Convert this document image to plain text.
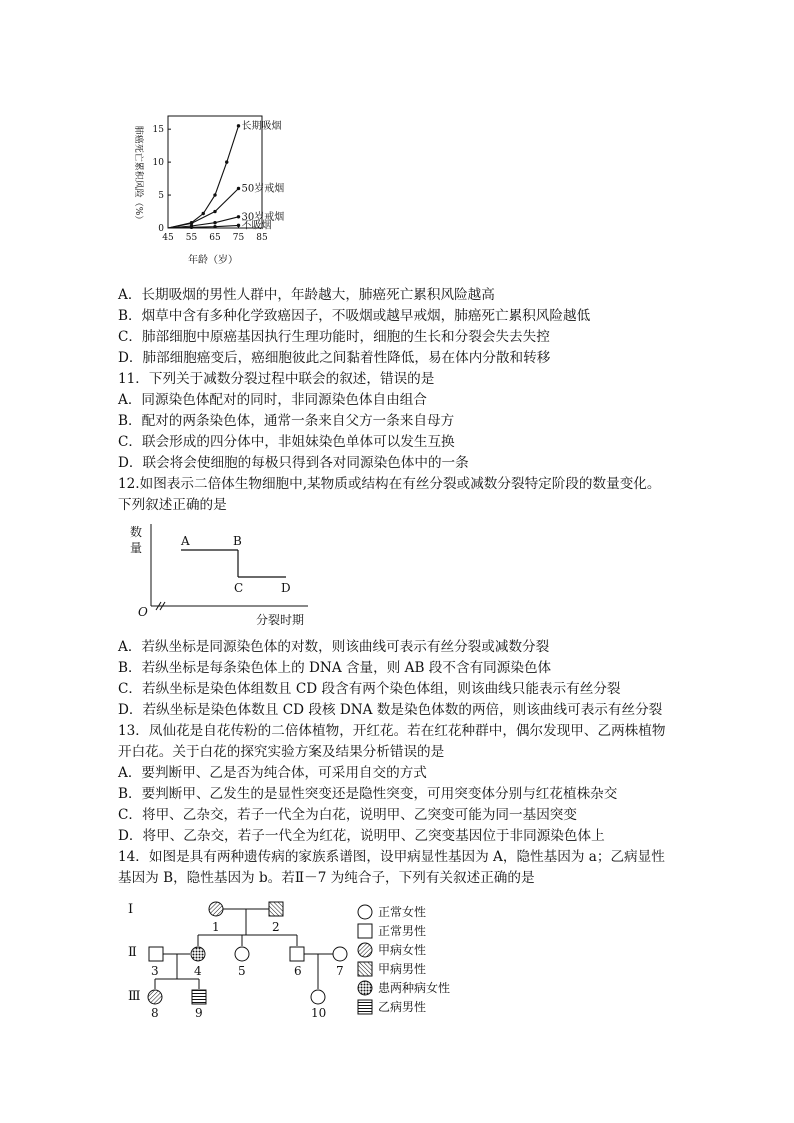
肺癌死亡累积风险（%）
0
5
10
15
45 55 65 75 85
长期吸烟
50岁戒烟
30岁戒烟
不吸烟
年龄（岁）
A．长期吸烟的男性人群中，年龄越大，肺癌死亡累积风险越高
B．烟草中含有多种化学致癌因子，不吸烟或越早戒烟，肺癌死亡累积风险越低
C．肺部细胞中原癌基因执行生理功能时，细胞的生长和分裂会失去失控
D．肺部细胞癌变后，癌细胞彼此之间黏着性降低，易在体内分散和转移
11．下列关于减数分裂过程中联会的叙述，错误的是
A．同源染色体配对的同时，非同源染色体自由组合
B．配对的两条染色体，通常一条来自父方一条来自母方
C．联会形成的四分体中，非姐妹染色单体可以发生互换
D．联会将会使细胞的每极只得到各对同源染色体中的一条
12.如图表示二倍体生物细胞中,某物质或结构在有丝分裂或减数分裂特定阶段的数量变化。
下列叙述正确的是
数
量
O
A	B
C	D
分裂时期
A．若纵坐标是同源染色体的对数，则该曲线可表示有丝分裂或减数分裂
B．若纵坐标是每条染色体上的 DNA 含量，则 AB 段不含有同源染色体
C．若纵坐标是染色体组数且 CD 段含有两个染色体组，则该曲线只能表示有丝分裂
D．若纵坐标是染色体数且 CD 段核 DNA 数是染色体数的两倍，则该曲线可表示有丝分裂
13．凤仙花是自花传粉的二倍体植物，开红花。若在红花种群中，偶尔发现甲、乙两株植物
开白花。关于白花的探究实验方案及结果分析错误的是
A．要判断甲、乙是否为纯合体，可采用自交的方式
B．要判断甲、乙发生的是显性突变还是隐性突变，可用突变体分别与红花植株杂交
C．将甲、乙杂交，若子一代全为白花，说明甲、乙突变可能为同一基因突变
D．将甲、乙杂交，若子一代全为红花，说明甲、乙突变基因位于非同源染色体上
14．如图是具有两种遗传病的家族系谱图，设甲病显性基因为 A，隐性基因为 a；乙病显性
基因为 B，隐性基因为 b。若Ⅱ－7 为纯合子，下列有关叙述正确的是
Ⅰ
Ⅱ
Ⅲ
1	2
3	4	5	6	7
8	9	10
正常女性
正常男性
甲病女性
甲病男性
患两种病女性
乙病男性
